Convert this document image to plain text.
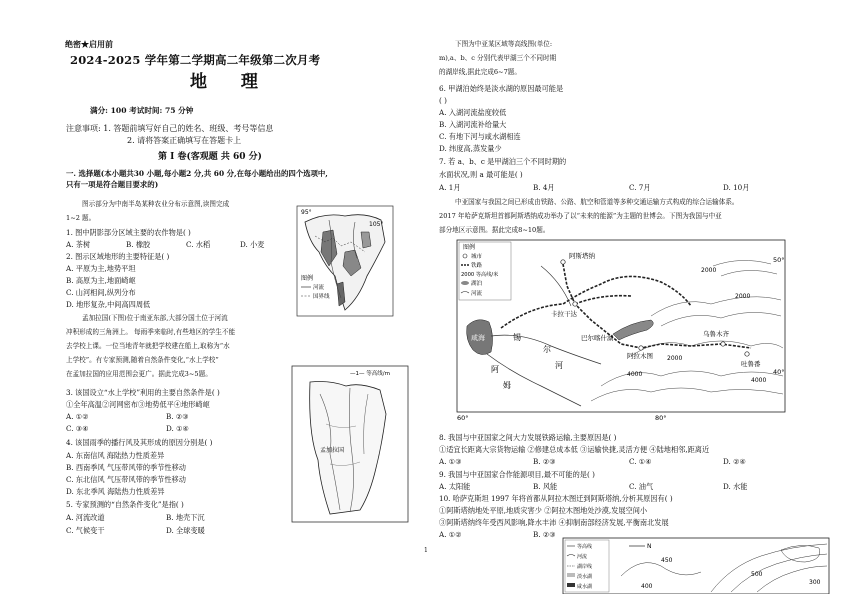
绝密★启用前
2024-2025 学年第二学期高二年级第二次月考
地 理
满分: 100 考试时间: 75 分钟
注意事项: 1. 答题前填写好自己的姓名、班级、考号等信息
2. 请将答案正确填写在答题卡上
第 Ⅰ 卷(客观题 共 60 分)
一. 选择题(本小题共30 小题,每小题2 分,共 60 分,在每小题给出的四个选项中,
只有一项是符合题目要求的)
图示部分为中南半岛某种农业分布示意图,读图完成
1~2 题。
1. 图中阴影部分区域主要的农作物是( )
A. 茶树	B. 橡胶	C. 水稻	D. 小麦
2. 图示区域地形的主要特征是( )
A. 平原为主,地势平坦
B. 高原为主,地面崎岖
C. 山河相间,纵列分布
D. 地形复杂,中间高四周低
95°
105°
图例
河流
国界线
孟加拉国(下图)位于南亚东部,大部分国土位于河流
冲积形成的三角洲上。 每雨季来临时,有些地区的学生不能
去学校上课。一位当地青年就把学校建在船上,取称为“水
上学校”。有专家预测,随着自然条件变化,“水上学校”
在孟加拉国的应用范围会更广。据此完成3~5题。	—1— 等高线/m
孟加拉国
3. 该国设立“水上学校”利用的主要自然条件是( )
①全年高温②河网密布③地势低平④地形崎岖
A. ①②	B. ②③
C. ③④	D. ①④
4. 该国雨季的播行风及其形成的原因分别是( )
A. 东南信风 海陆热力性质差异
B. 西南季风 气压带风带的季节性移动
C. 东北信风 气压带风带的季节性移动
D. 东北季风 海陆热力性质差异
5. 专家预测的“自然条件变化”是指( )
A. 河流改道	B. 地壳下沉
C. 气候变干	D. 全球变暖
下图为中亚某区域等高线图(单位:
m),a、b、c 分别代表甲湖三个不同时期
的湖岸线,据此完成6~7题。
6. 甲湖泊始终是淡水湖的原因最可能是
( )
A. 入湖河流盐度较低
B. 入湖河流补给量大
C. 有地下河与咸水湖相连
D. 纬度高,蒸发量少
7. 若 a、b、c 是甲湖泊三个不同时期的
水面状况,则 a 最可能是( )
A. 1月	B. 4月	C. 7月	D. 10月
中亚国家与我国之间已形成由铁路、公路、航空和管道等多种交通运输方式构成的综合运输体系。
2017 年哈萨克斯坦首都阿斯塔纳成功举办了以“未来的能源”为主题的世博会。下图为我国与中亚
部分地区示意图。据此完成8~10题。
图例
城市
铁路
2000 等高线/米
湖泊
河流
阿斯塔纳
卡拉干达
巴尔喀什湖
阿拉木图
乌鲁木齐
吐鲁番
咸海	锡
尔
河
阿
姆
2000
2000
2000
4000
4000
50°
40°
60°	80°
8. 我国与中亚国家之间大力发展铁路运输,主要原因是( )
①适宜长距离大宗货物运输 ②修建总成本低 ③运输快捷,灵活方便 ④陆地相邻,距离近
A. ①③	B. ②③	C. ①④	D. ②④
9. 我国与中亚国家合作能源项目,最不可能的是( )
A. 太阳能	B. 风能	C. 油气	D. 水能
10. 哈萨克斯坦 1997 年将首都从阿拉木图迁到阿斯塔纳,分析其原因有( )
①阿斯塔纳地处平原,地质灾害少 ②阿拉木图地处沙漠,发展空间小
③阿斯塔纳终年受西风影响,降水丰沛 ④抑制南部经济发展,平衡南北发展
A. ①②	B. ②③
等高线
河流
湖岸线
淡水湖
咸水湖
N
450
400
500
300
1
